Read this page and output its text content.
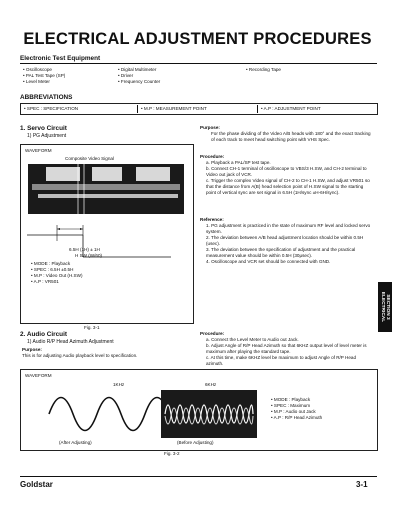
ELECTRICAL ADJUSTMENT PROCEDURES
Electronic Test Equipment
• Oscilloscope
• PAL Test Tape (SP)
• Level Meter
• Digital Multimeter
• Driver
• Frequency Counter
• Recording Tape
ABBREVIATIONS
• SPEC : SPECIFICATION	• M.P : MEASUREMENT POINT	• A.P : ADJUSTMENT POINT
1. Servo Circuit
1) PG Adjustment
WAVEFORM
Composite Video Signal
6.5H (1H) ± 1H
H SW (W/60)
• MODE : Playback
• SPEC : 6.5H ±0.5H
• M.P : Video Out (H.SW)
• A.P : VR501
Fig. 3-1
Purpose:
For the phase dividing of the Video A/B heads with 180° and the exact tracking of each track to meet head switching point with VHS Spec.
Procedure:
a. Playback a PAL/SP test tape.
b. Connect CH-1 terminal of oscilloscope to VBS/3 H.SW, and CH-2 terminal to Video out jack of VCR.
c. Trigger the complex Video signal of CH-2 to CH-1 H.SW, and adjust VR501 so that the distance from A(B) head selection point of H.SW signal to the starting point of vertical sync are set signal in 6.5H (1H/sync ±H-6H/sync).
Reference:
1. PG adjustment is practiced in the state of maximum RF level and locked servo system.
2. The deviation between A/B head adjustment location should be within 0.5H (usec).
3. The deviation between the specification of adjustment and the practical measurement value should be within 0.5H (30μsec).
4. Oscilloscope and VCR set should be connected with GND.
SECTION 3
ELECTRICAL
2. Audio Circuit
1) Audio R/P Head Azimuth Adjustment
Purpose:
This is for adjusting Audio playback level to specification.
Procedure:
a. Connect the Level Meter to Audio out Jack.
b. Adjust Angle of R/P Head Azimuth so that 6KHZ output level of level meter is maximum after playing the standard tape.
c. At this time, make 6KHZ level be maximum to adjust Angle of R/P Head azimuth.
WAVEFORM
1KHz	6KHz
• MODE : Playback
• SPEC : Maximum
• M.P : Audio out Jack
• A.P : R/P Head Azimuth
(After Adjusting)	(Before Adjusting)
Fig. 3-2
Goldstar	3-1
